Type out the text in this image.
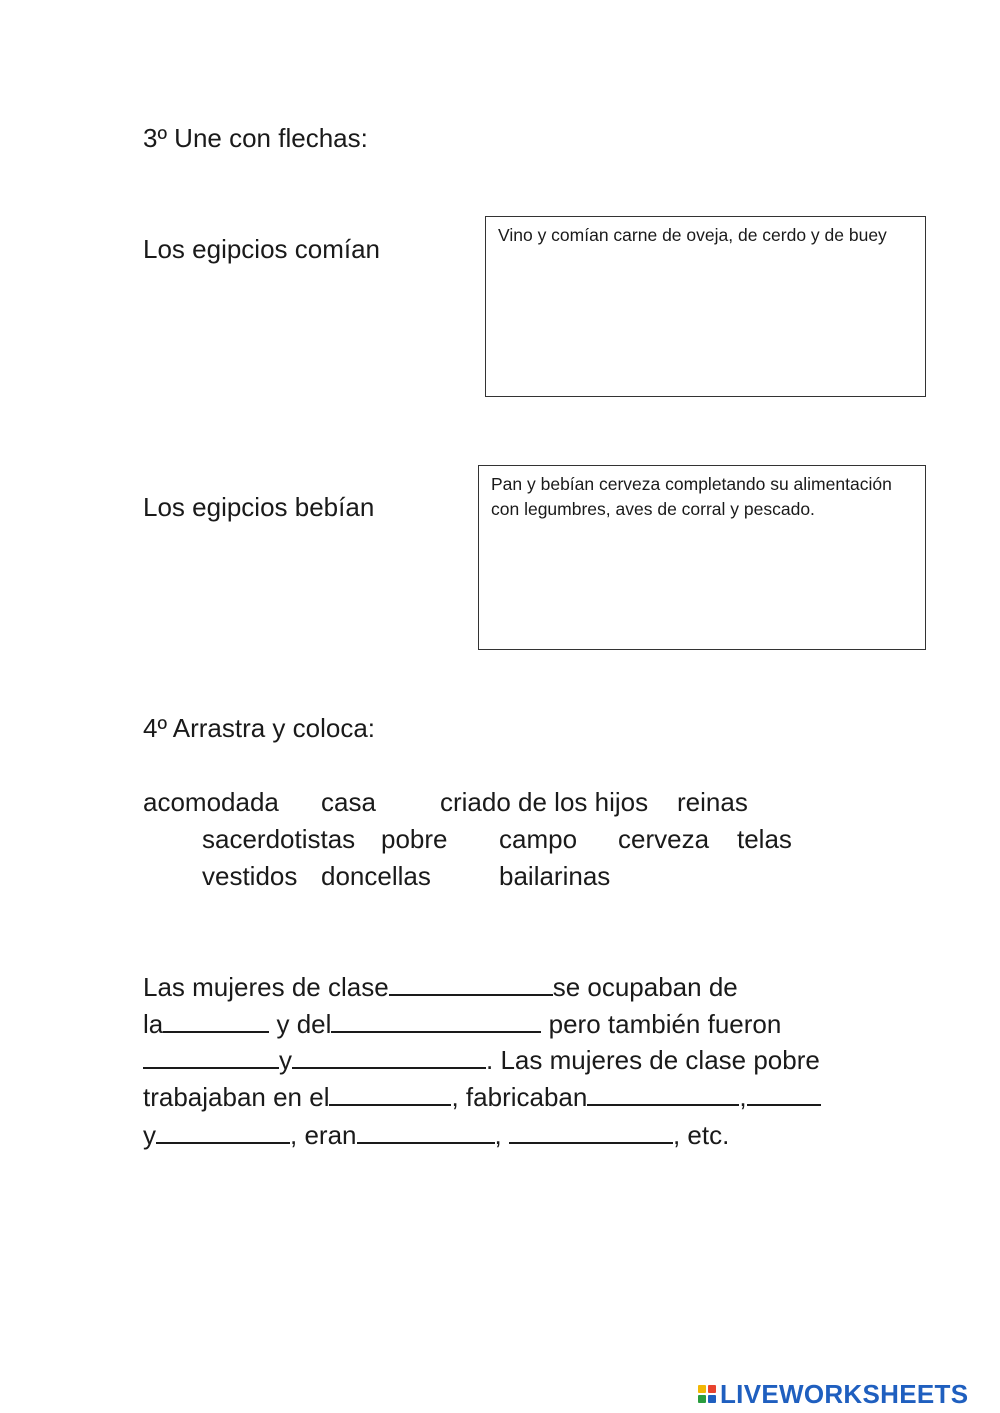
3º Une con flechas:
Los egipcios comían
Los egipcios bebían
Vino y comían carne de oveja, de cerdo y de buey
Pan y bebían cerveza completando su alimentación con legumbres, aves de corral y pescado.
4º Arrastra y coloca:
acomodada casa criado de los hijos reinas
sacerdotistas pobre campo cerveza telas
vestidos doncellas	bailarinas
Las mujeres de clase	se ocupaban de
la	y del	pero también fueron
y	. Las mujeres de clase pobre
trabajaban en el	, fabricaban	,
y	, eran	,	, etc.
LIVEWORKSHEETS
